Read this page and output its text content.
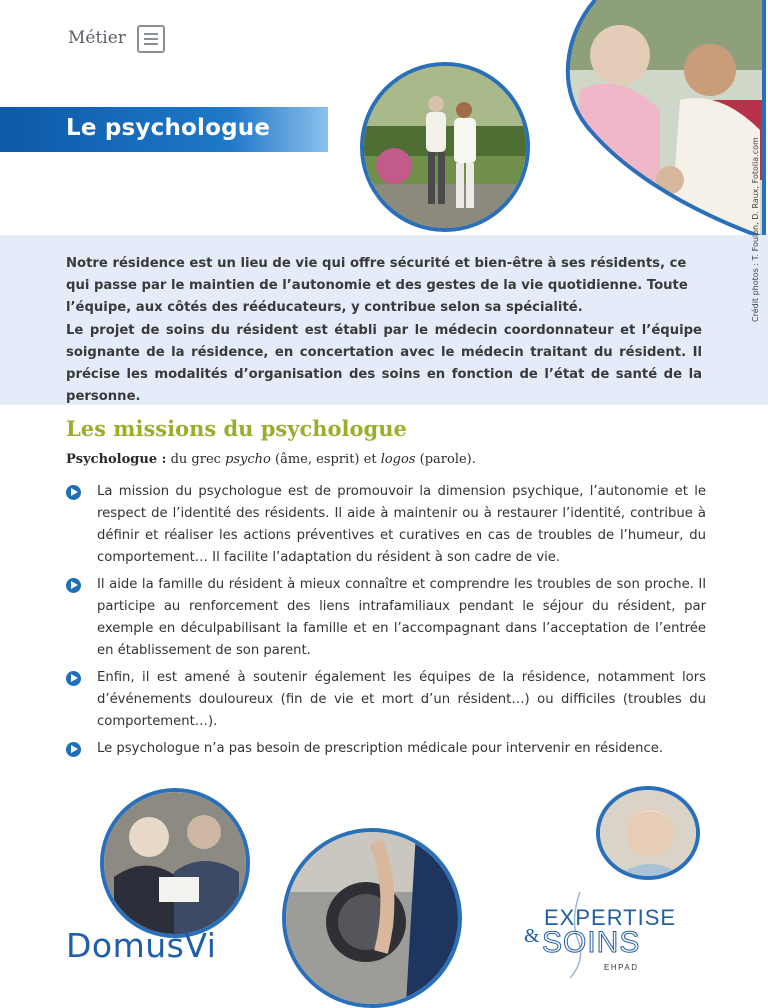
Métier
Le psychologue

Notre résidence est un lieu de vie qui offre sécurité et bien-être à ses résidents, ce qui passe par le maintien de l’autonomie et des gestes de la vie quotidienne. Toute l’équipe, aux côtés des rééducateurs, y contribue selon sa spécialité.

Le projet de soins du résident est établi par le médecin coordonnateur et l’équipe soignante de la résidence, en concertation avec le médecin traitant du résident. Il précise les modalités d’organisation des soins en fonction de l’état de santé de la personne.

Crédit photos : T. Foulon, D. Raux, Fotolia.com
Les missions du psychologue
Psychologue : du grec psycho (âme, esprit) et logos (parole).

La mission du psychologue est de promouvoir la dimension psychique, l’autonomie et le respect de l’identité des résidents. Il aide à maintenir ou à restaurer l’identité, contribue à définir et réaliser les actions préventives et curatives en cas de troubles de l’humeur, du comportement… Il facilite l’adaptation du résident à son cadre de vie.

Il aide la famille du résident à mieux connaître et comprendre les troubles de son proche. Il participe au renforcement des liens intrafamiliaux pendant le séjour du résident, par exemple en déculpabilisant la famille et en l’accompagnant dans l’acceptation de l’entrée en établissement de son parent.

Enfin, il est amené à soutenir également les équipes de la résidence, notamment lors d’événements douloureux (fin de vie et mort d’un résident…) ou difficiles (troubles du comportement…).

Le psychologue n’a pas besoin de prescription médicale pour intervenir en résidence.

DomusVi
EXPERTISE
& SOINS
EHPAD
